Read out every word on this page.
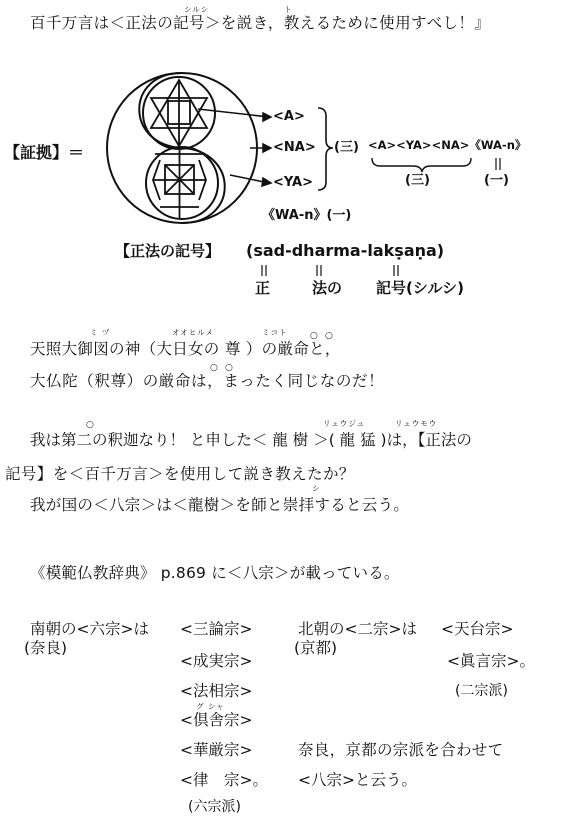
シルシ	ト
百千万言は＜正法の記号＞を説き，教えるために使用すべし！』
【証拠】＝
<A>
<NA>
<YA>
《WA-n》(一)
(三) <A><YA><NA>《WA-n》
(三)	(一)
【正法の記号】 (sad-dharma-lakṣaṇa)
正	法の 記号(シルシ)
ミ ヅ	オオヒルメ	ミコト	○ ○
天照大御図の神（大日女の 尊 ）の厳命と，
○ ○
大仏陀（釈尊）の厳命は，まったく同じなのだ！
○	リュウジュ	リュウモウ
我は第二の釈迦なり！ と申した＜ 龍 樹 ＞( 龍 猛 )は，【正法の
記号】を＜百千万言＞を使用して説き教えたか？
シ
我が国の＜八宗＞は＜龍樹＞を師と崇拝すると云う。
《模範仏教辞典》 p.869 に＜八宗＞が載っている。
南朝の<六宗>は
(奈良)
<三論宗>
<成実宗>
<法相宗>
グ シャ
<倶舎宗>
<華厳宗>
<律　宗>。
(六宗派)
北朝の<二宗>は
(京都)
<天台宗>
<眞言宗>。
(二宗派)
奈良，京都の宗派を合わせて
<八宗>と云う。
